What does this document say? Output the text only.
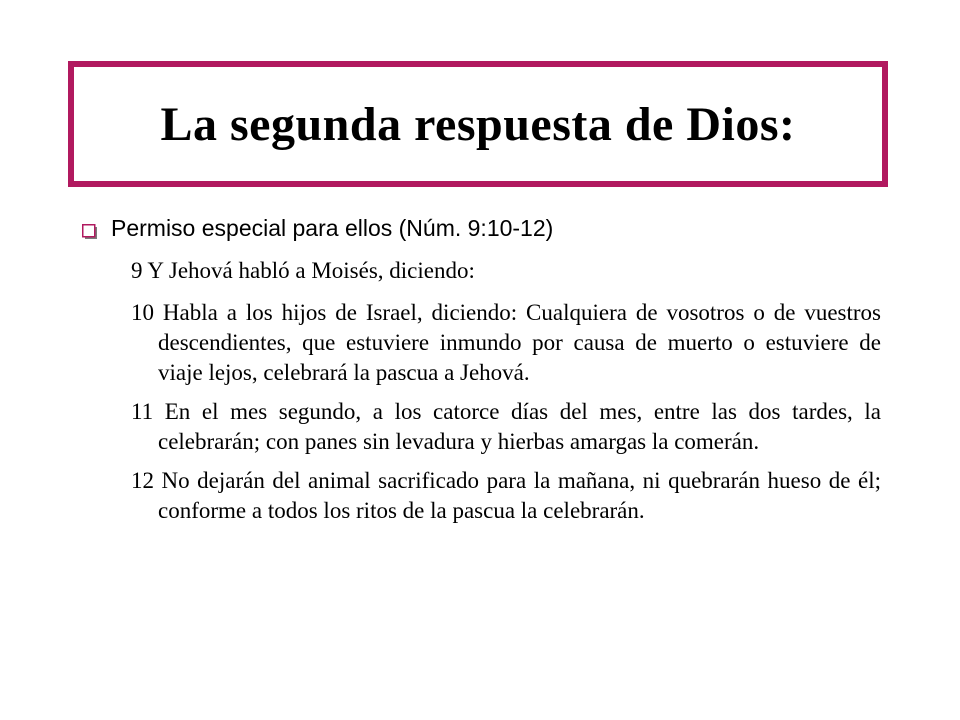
La segunda respuesta de Dios:
Permiso especial para ellos (Núm. 9:10-12)

9 Y Jehová habló a Moisés, diciendo:

10 Habla a los hijos de Israel, diciendo: Cualquiera de vosotros o de vuestros descendientes, que estuviere inmundo por causa de muerto o estuviere de viaje lejos, celebrará la pascua a Jehová.

11 En el mes segundo, a los catorce días del mes, entre las dos tardes, la celebrarán; con panes sin levadura y hierbas amargas la comerán.

12 No dejarán del animal sacrificado para la mañana, ni quebrarán hueso de él; conforme a todos los ritos de la pascua la celebrarán.
